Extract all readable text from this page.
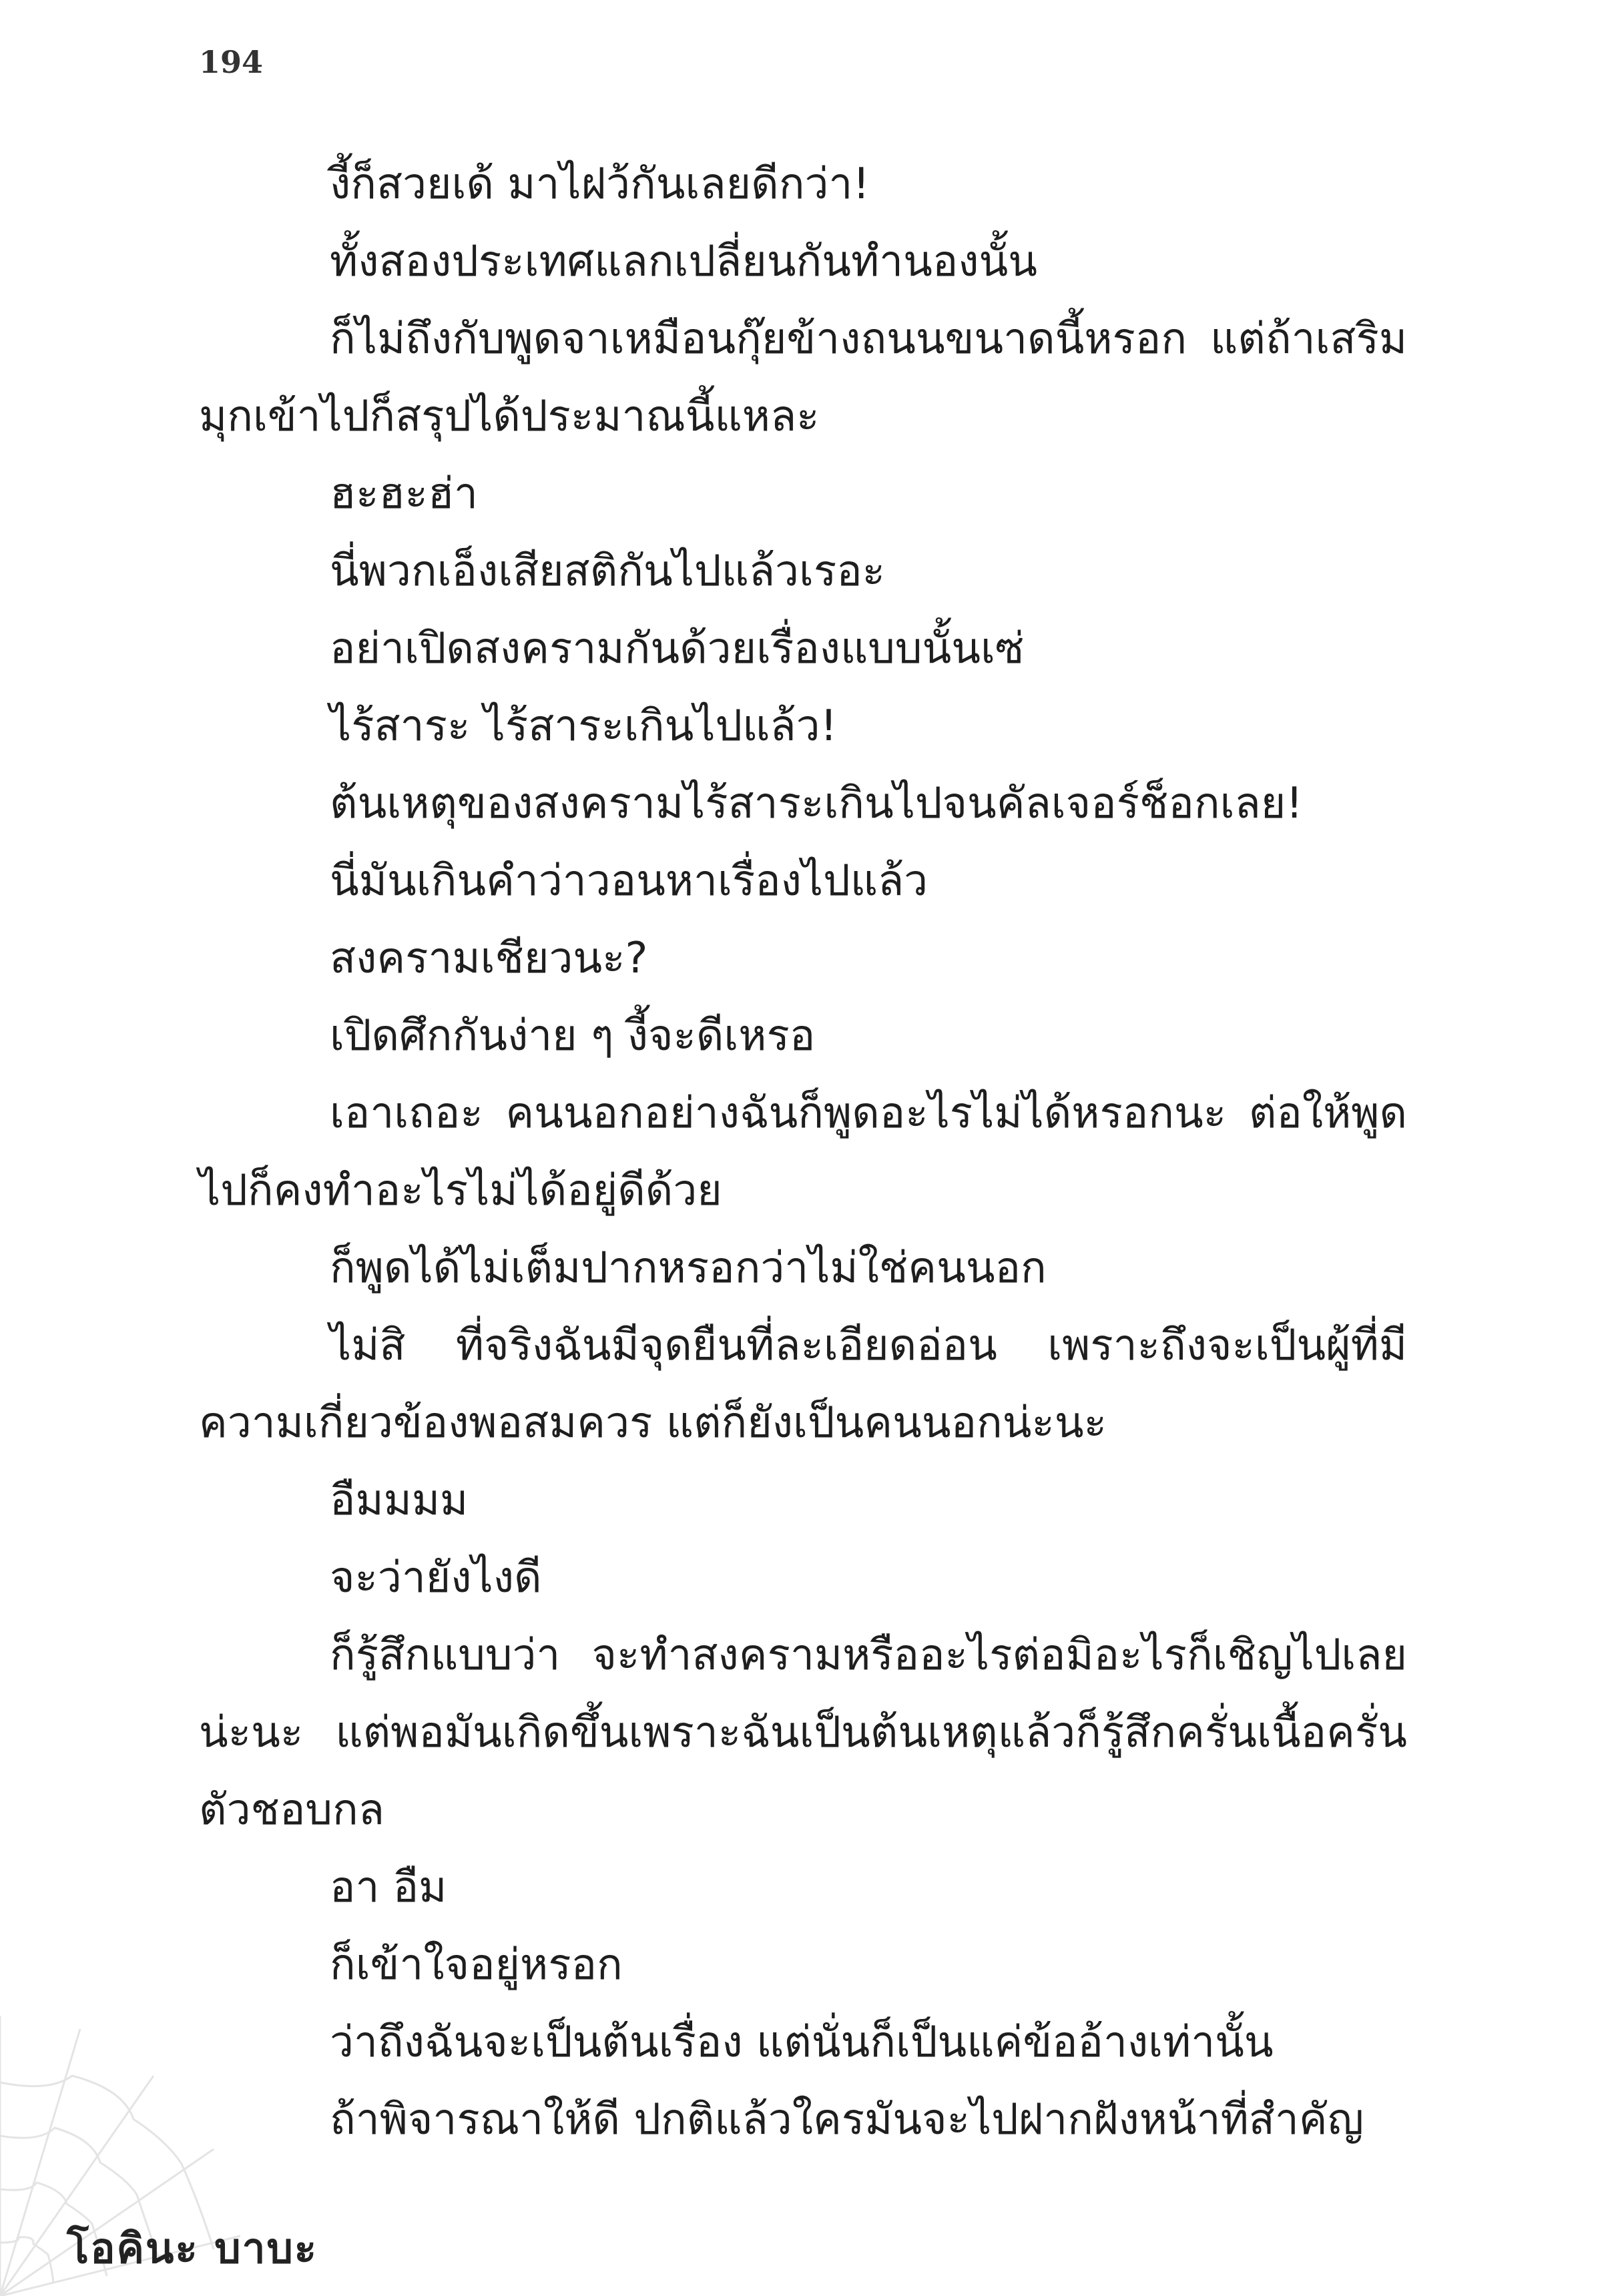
194

งี้ก็สวยเด้ มาไฝว้กันเลยดีกว่า!

ทั้งสองประเทศแลกเปลี่ยนกันทำนองนั้น

ก็ไม่ถึงกับพูดจาเหมือนกุ๊ยข้างถนนขนาดนี้หรอก แต่ถ้าเสริมมุกเข้าไปก็สรุปได้ประมาณนี้แหละ

ฮะฮะฮ่า

นี่พวกเอ็งเสียสติกันไปแล้วเรอะ

อย่าเปิดสงครามกันด้วยเรื่องแบบนั้นเซ่

ไร้สาระ ไร้สาระเกินไปแล้ว!

ต้นเหตุของสงครามไร้สาระเกินไปจนคัลเจอร์ช็อกเลย!

นี่มันเกินคำว่าวอนหาเรื่องไปแล้ว

สงครามเชียวนะ?

เปิดศึกกันง่าย ๆ งี้จะดีเหรอ

เอาเถอะ คนนอกอย่างฉันก็พูดอะไรไม่ได้หรอกนะ ต่อให้พูดไปก็คงทำอะไรไม่ได้อยู่ดีด้วย

ก็พูดได้ไม่เต็มปากหรอกว่าไม่ใช่คนนอก

ไม่สิ ที่จริงฉันมีจุดยืนที่ละเอียดอ่อน เพราะถึงจะเป็นผู้ที่มีความเกี่ยวข้องพอสมควร แต่ก็ยังเป็นคนนอกน่ะนะ

อืมมมม

จะว่ายังไงดี

ก็รู้สึกแบบว่า จะทำสงครามหรืออะไรต่อมิอะไรก็เชิญไปเลยน่ะนะ แต่พอมันเกิดขึ้นเพราะฉันเป็นต้นเหตุแล้วก็รู้สึกครั่นเนื้อครั่นตัวชอบกล

อา อืม

ก็เข้าใจอยู่หรอก

ว่าถึงฉันจะเป็นต้นเรื่อง แต่นั่นก็เป็นแค่ข้ออ้างเท่านั้น

ถ้าพิจารณาให้ดี ปกติแล้วใครมันจะไปฝากฝังหน้าที่สำคัญ

โอคินะ บาบะ
